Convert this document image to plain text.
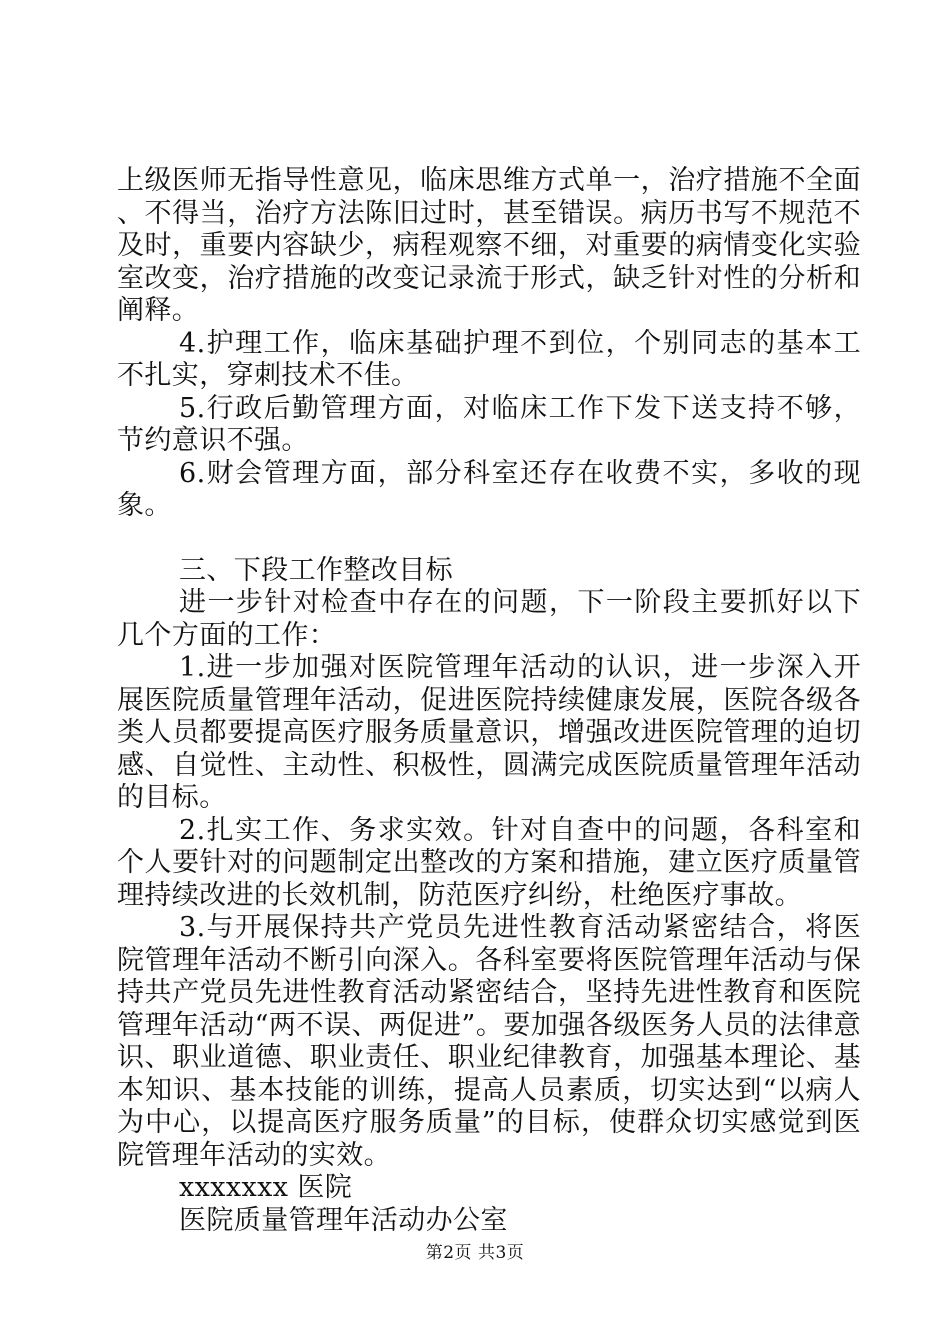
上级医师无指导性意见，临床思维方式单一，治疗措施不全面、不得当，治疗方法陈旧过时，甚至错误。病历书写不规范不及时，重要内容缺少，病程观察不细，对重要的病情变化实验室改变，治疗措施的改变记录流于形式，缺乏针对性的分析和阐释。

4.护理工作，临床基础护理不到位，个别同志的基本工不扎实，穿刺技术不佳。

5.行政后勤管理方面，对临床工作下发下送支持不够，节约意识不强。

6.财会管理方面，部分科室还存在收费不实，多收的现象。

三、下段工作整改目标

进一步针对检查中存在的问题，下一阶段主要抓好以下几个方面的工作：

1.进一步加强对医院管理年活动的认识，进一步深入开展医院质量管理年活动，促进医院持续健康发展，医院各级各类人员都要提高医疗服务质量意识，增强改进医院管理的迫切感、自觉性、主动性、积极性，圆满完成医院质量管理年活动的目标。

2.扎实工作、务求实效。针对自查中的问题，各科室和个人要针对的问题制定出整改的方案和措施，建立医疗质量管理持续改进的长效机制，防范医疗纠纷，杜绝医疗事故。

3.与开展保持共产党员先进性教育活动紧密结合，将医院管理年活动不断引向深入。各科室要将医院管理年活动与保持共产党员先进性教育活动紧密结合，坚持先进性教育和医院管理年活动“两不误、两促进”。要加强各级医务人员的法律意识、职业道德、职业责任、职业纪律教育，加强基本理论、基本知识、基本技能的训练，提高人员素质，切实达到“以病人为中心，以提高医疗服务质量”的目标，使群众切实感觉到医院管理年活动的实效。

xxxxxxx 医院

医院质量管理年活动办公室

第2页 共3页
